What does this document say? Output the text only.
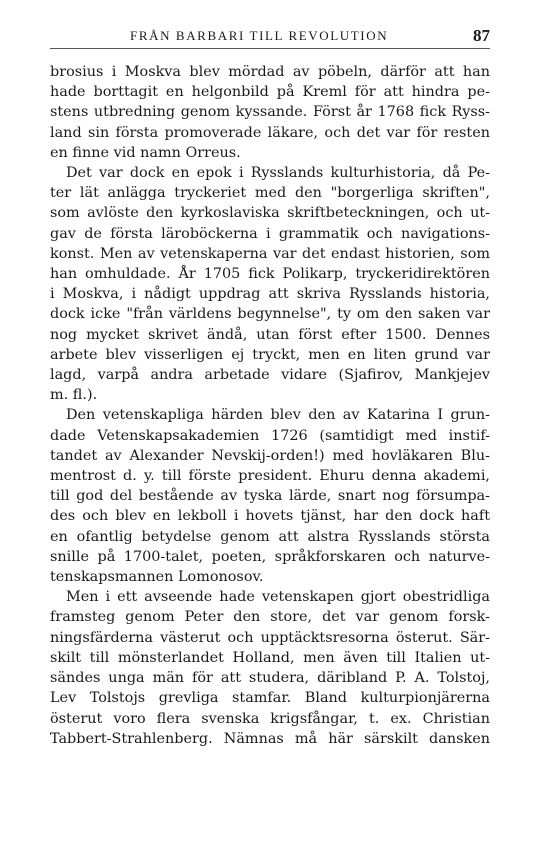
FRÅN BARBARI TILL REVOLUTION	87

brosius i Moskva blev mördad av pöbeln, därför att han
hade borttagit en helgonbild på Kreml för att hindra pe-
stens utbredning genom kyssande. Först år 1768 fick Ryss-
land sin första promoverade läkare, och det var för resten
en finne vid namn Orreus.

Det var dock en epok i Rysslands kulturhistoria, då Pe-
ter lät anlägga tryckeriet med den "borgerliga skriften",
som avlöste den kyrkoslaviska skriftbeteckningen, och ut-
gav de första läroböckerna i grammatik och navigations-
konst. Men av vetenskaperna var det endast historien, som
han omhuldade. År 1705 fick Polikarp, tryckeridirektören
i Moskva, i nådigt uppdrag att skriva Rysslands historia,
dock icke "från världens begynnelse", ty om den saken var
nog mycket skrivet ändå, utan först efter 1500. Dennes
arbete blev visserligen ej tryckt, men en liten grund var
lagd, varpå andra arbetade vidare (Sjafirov, Mankjejev
m. fl.).

Den vetenskapliga härden blev den av Katarina I grun-
dade Vetenskapsakademien 1726 (samtidigt med instif-
tandet av Alexander Nevskij-orden!) med hovläkaren Blu-
mentrost d. y. till förste president. Ehuru denna akademi,
till god del bestående av tyska lärde, snart nog försumpa-
des och blev en lekboll i hovets tjänst, har den dock haft
en ofantlig betydelse genom att alstra Rysslands största
snille på 1700-talet, poeten, språkforskaren och naturve-
tenskapsmannen Lomonosov.

Men i ett avseende hade vetenskapen gjort obestridliga
framsteg genom Peter den store, det var genom forsk-
ningsfärderna västerut och upptäcktsresorna österut. Sär-
skilt till mönsterlandet Holland, men även till Italien ut-
sändes unga män för att studera, däribland P. A. Tolstoj,
Lev Tolstojs grevliga stamfar. Bland kulturpionjärerna
österut voro flera svenska krigsfångar, t. ex. Christian
Tabbert-Strahlenberg. Nämnas må här särskilt dansken
